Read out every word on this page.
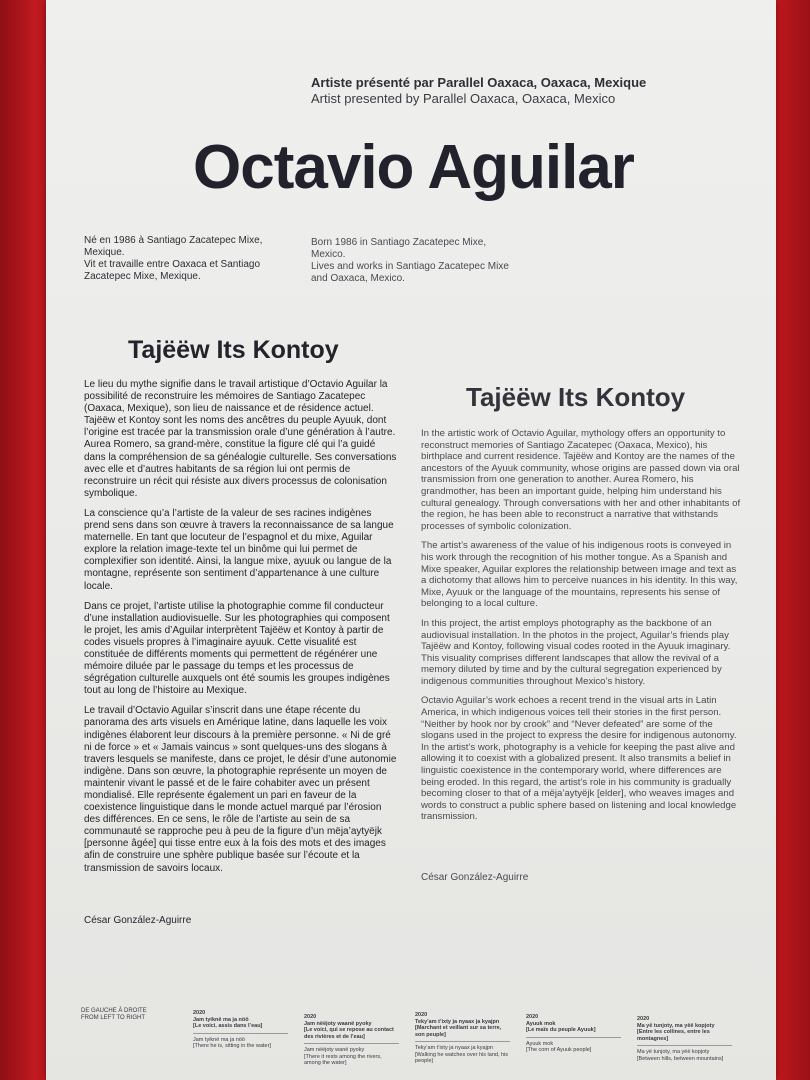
Artiste présenté par Parallel Oaxaca, Oaxaca, Mexique
Artist presented by Parallel Oaxaca, Oaxaca, Mexico
Octavio Aguilar
Né en 1986 à Santiago Zacatepec Mixe, Mexique.
Vit et travaille entre Oaxaca et Santiago Zacatepec Mixe, Mexique.
Born 1986 in Santiago Zacatepec Mixe, Mexico.
Lives and works in Santiago Zacatepec Mixe and Oaxaca, Mexico.
Tajëëw Its Kontoy
Tajëëw Its Kontoy

Le lieu du mythe signifie dans le travail artistique d’Octavio Aguilar la possibilité de reconstruire les mémoires de Santiago Zacatepec (Oaxaca, Mexique), son lieu de naissance et de résidence actuel. Tajëëw et Kontoy sont les noms des ancêtres du peuple Ayuuk, dont l’origine est tracée par la transmission orale d’une génération à l’autre. Aurea Romero, sa grand-mère, constitue la figure clé qui l’a guidé dans la compréhension de sa généalogie culturelle. Ses conversations avec elle et d’autres habitants de sa région lui ont permis de reconstruire un récit qui résiste aux divers processus de colonisation symbolique.

La conscience qu’a l’artiste de la valeur de ses racines indigènes prend sens dans son œuvre à travers la reconnaissance de sa langue maternelle. En tant que locuteur de l’espagnol et du mixe, Aguilar explore la relation image-texte tel un binôme qui lui permet de complexifier son identité. Ainsi, la langue mixe, ayuuk ou langue de la montagne, représente son sentiment d’appartenance à une culture locale.

Dans ce projet, l’artiste utilise la photographie comme fil conducteur d’une installation audiovisuelle. Sur les photographies qui composent le projet, les amis d’Aguilar interprètent Tajëëw et Kontoy à partir de codes visuels propres à l’imaginaire ayuuk. Cette visualité est constituée de différents moments qui permettent de régénérer une mémoire diluée par le passage du temps et les processus de ségrégation culturelle auxquels ont été soumis les groupes indigènes tout au long de l’histoire au Mexique.

Le travail d’Octavio Aguilar s’inscrit dans une étape récente du panorama des arts visuels en Amérique latine, dans laquelle les voix indigènes élaborent leur discours à la première personne. « Ni de gré ni de force » et « Jamais vaincus » sont quelques-uns des slogans à travers lesquels se manifeste, dans ce projet, le désir d’une autonomie indigène. Dans son œuvre, la photographie représente un moyen de maintenir vivant le passé et de le faire cohabiter avec un présent mondialisé. Elle représente également un pari en faveur de la coexistence linguistique dans le monde actuel marqué par l’érosion des différences. En ce sens, le rôle de l’artiste au sein de sa communauté se rapproche peu à peu de la figure d’un mëja’aytyëjk [personne âgée] qui tisse entre eux à la fois des mots et des images afin de construire une sphère publique basée sur l’écoute et la transmission de savoirs locaux.

César González-Aguirre

In the artistic work of Octavio Aguilar, mythology offers an opportunity to reconstruct memories of Santiago Zacatepec (Oaxaca, Mexico), his birthplace and current residence. Tajëëw and Kontoy are the names of the ancestors of the Ayuuk community, whose origins are passed down via oral transmission from one generation to another. Aurea Romero, his grandmother, has been an important guide, helping him understand his cultural genealogy. Through conversations with her and other inhabitants of the region, he has been able to reconstruct a narrative that withstands processes of symbolic colonization.

The artist’s awareness of the value of his indigenous roots is conveyed in his work through the recognition of his mother tongue. As a Spanish and Mixe speaker, Aguilar explores the relationship between image and text as a dichotomy that allows him to perceive nuances in his identity. In this way, Mixe, Ayuuk or the language of the mountains, represents his sense of belonging to a local culture.

In this project, the artist employs photography as the backbone of an audiovisual installation. In the photos in the project, Aguilar’s friends play Tajëëw and Kontoy, following visual codes rooted in the Ayuuk imaginary. This visuality comprises different landscapes that allow the revival of a memory diluted by time and by the cultural segregation experienced by indigenous communities throughout Mexico’s history.

Octavio Aguilar’s work echoes a recent trend in the visual arts in Latin America, in which indigenous voices tell their stories in the first person. “Neither by hook nor by crook” and “Never defeated” are some of the slogans used in the project to express the desire for indigenous autonomy. In the artist’s work, photography is a vehicle for keeping the past alive and allowing it to coexist with a globalized present. It also transmits a belief in linguistic coexistence in the contemporary world, where differences are being eroded. In this regard, the artist’s role in his community is gradually becoming closer to that of a mëja’aytyëjk [elder], who weaves images and words to construct a public sphere based on listening and local knowledge transmission.

César González-Aguirre
DE GAUCHE À DROITE
FROM LEFT TO RIGHT
2020
Jam tyiknë ma ja nöö
[Le voici, assis dans l’eau]
Jam tyiknë ma ja nöö
[There he is, sitting in the water]
2020
Jam nëëjoty waanë pyoky
[Le voici, qui se repose au contact des rivières et de l’eau]
Jam nëëjoty wanë pyoky
[There it rests among the rivers, among the water]
2020
Teky’am t’ixty ja nyaax ja kyajpn
[Marchant et veillant sur sa terre, son peuple]
Teky’am t’ixty ja nyaax ja kyajpn
[Walking he watches over his land, his people]
2020
Ayuuk mok
[Le maïs du peuple Ayuuk]
Ayuuk mok
[The corn of Ayuuk people]
2020
Ma yë tunjoty, ma yëë kopjoty
[Entre les collines, entre les montagnes]
Ma yë tunjoty, ma yëë kopjoty
[Between hills, between mountains]
